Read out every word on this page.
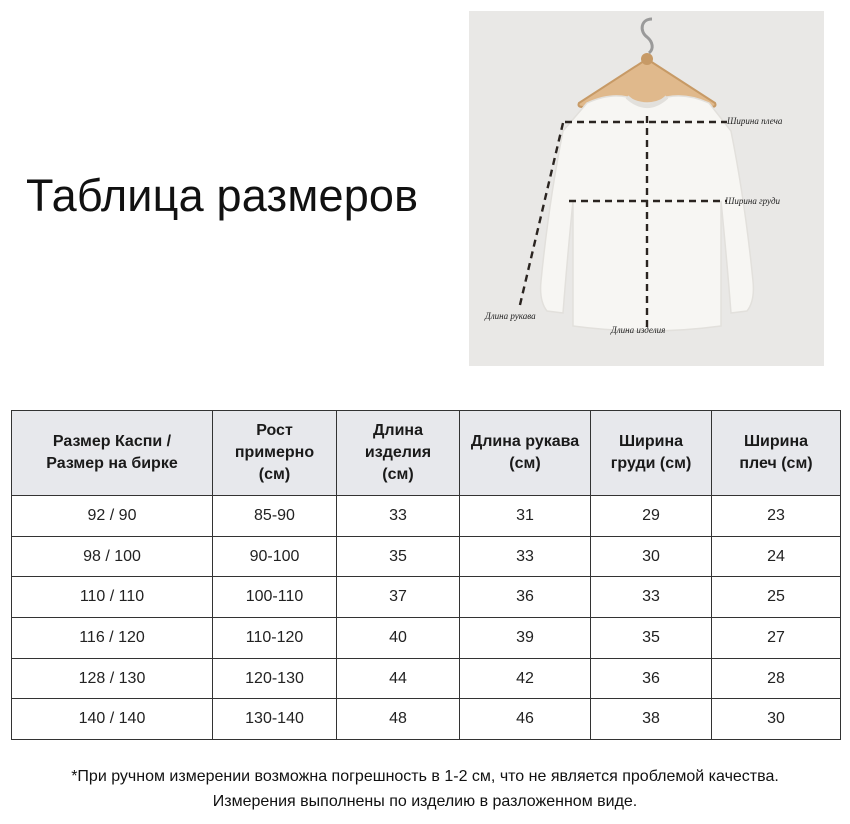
Таблица размеров
Ширина плеча
Ширина груди
Длина рукава
Длина изделия
Размер Каспи / Размер на бирке	Рост примерно (см)	Длина изделия (см)	Длина рукава (см)	Ширина груди (см)	Ширина плеч (см)

92 / 90	85-90	33	31	29	23
98 / 100	90-100	35	33	30	24
110 / 110	100-110	37	36	33	25
116 / 120	110-120	40	39	35	27
128 / 130	120-130	44	42	36	28
140 / 140	130-140	48	46	38	30

*При ручном измерении возможна погрешность в 1-2 см, что не является проблемой качества.

Измерения выполнены по изделию в разложенном виде.
